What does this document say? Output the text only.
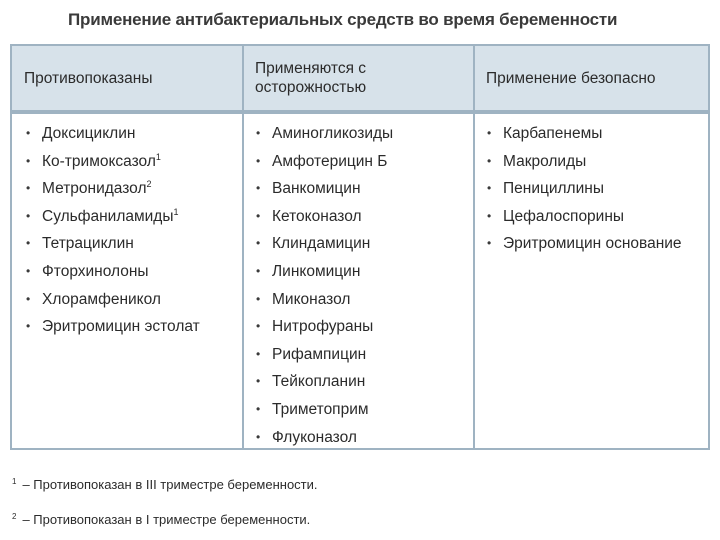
Применение антибактериальных средств во время беременности
Противопоказаны
Применяются с осторожностью
Применение безопасно
• Доксициклин
• Ко-тримоксазол$^1$
• Метронидазол$^2$
• Сульфаниламиды$^1$
• Тетрациклин
• Фторхинолоны
• Хлорамфеникол
• Эритромицин эстолат
• Аминогликозиды
• Амфотерицин Б
• Ванкомицин
• Кетоконазол
• Клиндамицин
• Линкомицин
• Миконазол
• Нитрофураны
• Рифампицин
• Тейкопланин
• Триметоприм
• Флуконазол
• Карбапенемы
• Макролиды
• Пенициллины
• Цефалоспорины
• Эритромицин основание
$^1$ – Противопоказан в III триместре беременности.
$^2$ – Противопоказан в I триместре беременности.
